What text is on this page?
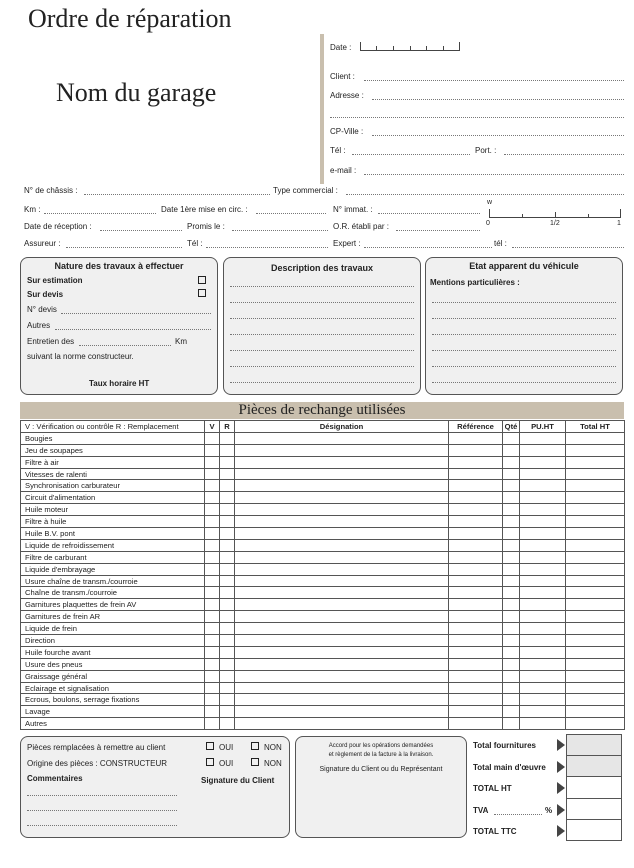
Ordre de réparation
Nom du garage
Date :
Client :
Adresse :
CP-Ville :
Tél :	Port. :
e-mail :
N° de châssis :	Type commercial :
Km :	Date 1ère mise en circ. :	N° immat. :
w
0	1/2	1
Date de réception :	Promis le :	O.R. établi par :
Assureur :	Tél :	Expert :	tél :
Nature des travaux à effectuer
Sur estimation
Sur devis
N° devis
Autres
Entretien des	Km
suivant la norme constructeur.
Taux horaire HT
Description des travaux	Etat apparent du véhicule
Mentions particulières :
Pièces de rechange utilisées
V : Vérification ou contrôle R : Remplacement	V	R	Désignation	Référence	Qté	PU.HT	Total HT
Bougies							
Jeu de soupapes							
Filtre à air							
Vitesses de ralenti							
Synchronisation carburateur							
Circuit d'alimentation							
Huile moteur							
Filtre à huile							
Huile B.V. pont							
Liquide de refroidissement							
Filtre de carburant							
Liquide d'embrayage							
Usure chaîne de transm./courroie							
Chaîne de transm./courroie							
Garnitures plaquettes de frein AV							
Garnitures de frein AR							
Liquide de frein							
Direction							
Huile fourche avant							
Usure des pneus							
Graissage général							
Eclairage et signalisation							
Ecrous, boulons, serrage fixations							
Lavage							
Autres							
Pièces remplacées à remettre au client	OUI	NON
Origine des pièces : CONSTRUCTEUR	OUI	NON
Commentaires	Signature du Client
Accord pour les opérations demandées
et règlement de la facture à la livraison.
Signature du Client ou du Représentant
Total fournitures
Total main d'œuvre
TOTAL HT
TVA	%
TOTAL TTC
